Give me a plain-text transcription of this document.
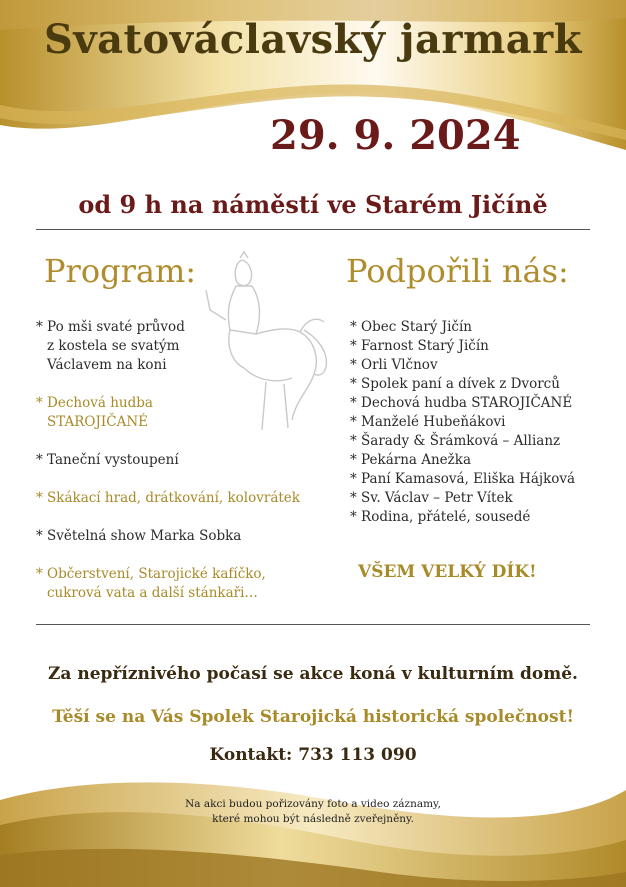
Svatováclavský jarmark
29. 9. 2024
od 9 h na náměstí ve Starém Jičíně
Program:	Podpořili nás:
* Po mši svaté průvod
z kostela se svatým
Václavem na koni
* Dechová hudba
STAROJIČANÉ
* Taneční vystoupení
* Skákací hrad, drátkování, kolovrátek
* Světelná show Marka Sobka
* Občerstvení, Starojické kafíčko,
cukrová vata a další stánkaři…
* Obec Starý Jičín
* Farnost Starý Jičín
* Orli Vlčnov
* Spolek paní a dívek z Dvorců
* Dechová hudba STAROJIČANÉ
* Manželé Hubeňákovi
* Šarady & Šrámková – Allianz
* Pekárna Anežka
* Paní Kamasová, Eliška Hájková
* Sv. Václav – Petr Vítek
* Rodina, přátelé, sousedé
VŠEM VELKÝ DÍK!
Za nepříznivého počasí se akce koná v kulturním domě.
Těší se na Vás Spolek Starojická historická společnost!
Kontakt: 733 113 090
Na akci budou pořizovány foto a video záznamy,
které mohou být následně zveřejněny.
